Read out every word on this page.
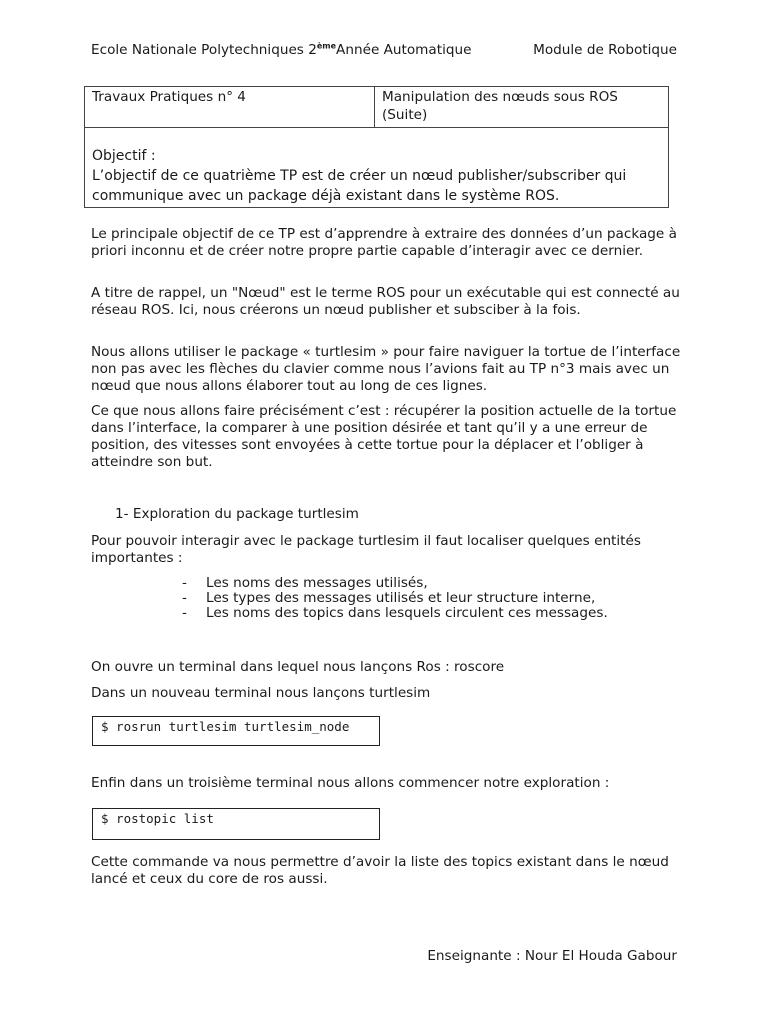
Ecole Nationale Polytechniques 2èmeAnnée Automatique	Module de Robotique
Travaux Pratiques n° 4	Manipulation des nœuds sous ROS (Suite)

Objectif :
L’objectif de ce quatrième TP est de créer un nœud publisher/subscriber qui communique avec un package déjà existant dans le système ROS.

Le principale objectif de ce TP est d’apprendre à extraire des données d’un package à priori inconnu et de créer notre propre partie capable d’interagir avec ce dernier.

A titre de rappel, un "Nœud" est le terme ROS pour un exécutable qui est connecté au réseau ROS. Ici, nous créerons un nœud publisher et subsciber à la fois.

Nous allons utiliser le package « turtlesim » pour faire naviguer la tortue de l’interface non pas avec les flèches du clavier comme nous l’avions fait au TP n°3 mais avec un nœud que nous allons élaborer tout au long de ces lignes.

Ce que nous allons faire précisément c’est : récupérer la position actuelle de la tortue dans l’interface, la comparer à une position désirée et tant qu’il y a une erreur de position, des vitesses sont envoyées à cette tortue pour la déplacer et l’obliger à atteindre son but.

1- Exploration du package turtlesim

Pour pouvoir interagir avec le package turtlesim il faut localiser quelques entités importantes :

-	Les noms des messages utilisés,
-	Les types des messages utilisés et leur structure interne,
-	Les noms des topics dans lesquels circulent ces messages.

On ouvre un terminal dans lequel nous lançons Ros : roscore

Dans un nouveau terminal nous lançons turtlesim

$ rosrun turtlesim turtlesim_node

Enfin dans un troisième terminal nous allons commencer notre exploration :

$ rostopic list

Cette commande va nous permettre d’avoir la liste des topics existant dans le nœud lancé et ceux du core de ros aussi.

Enseignante : Nour El Houda Gabour
